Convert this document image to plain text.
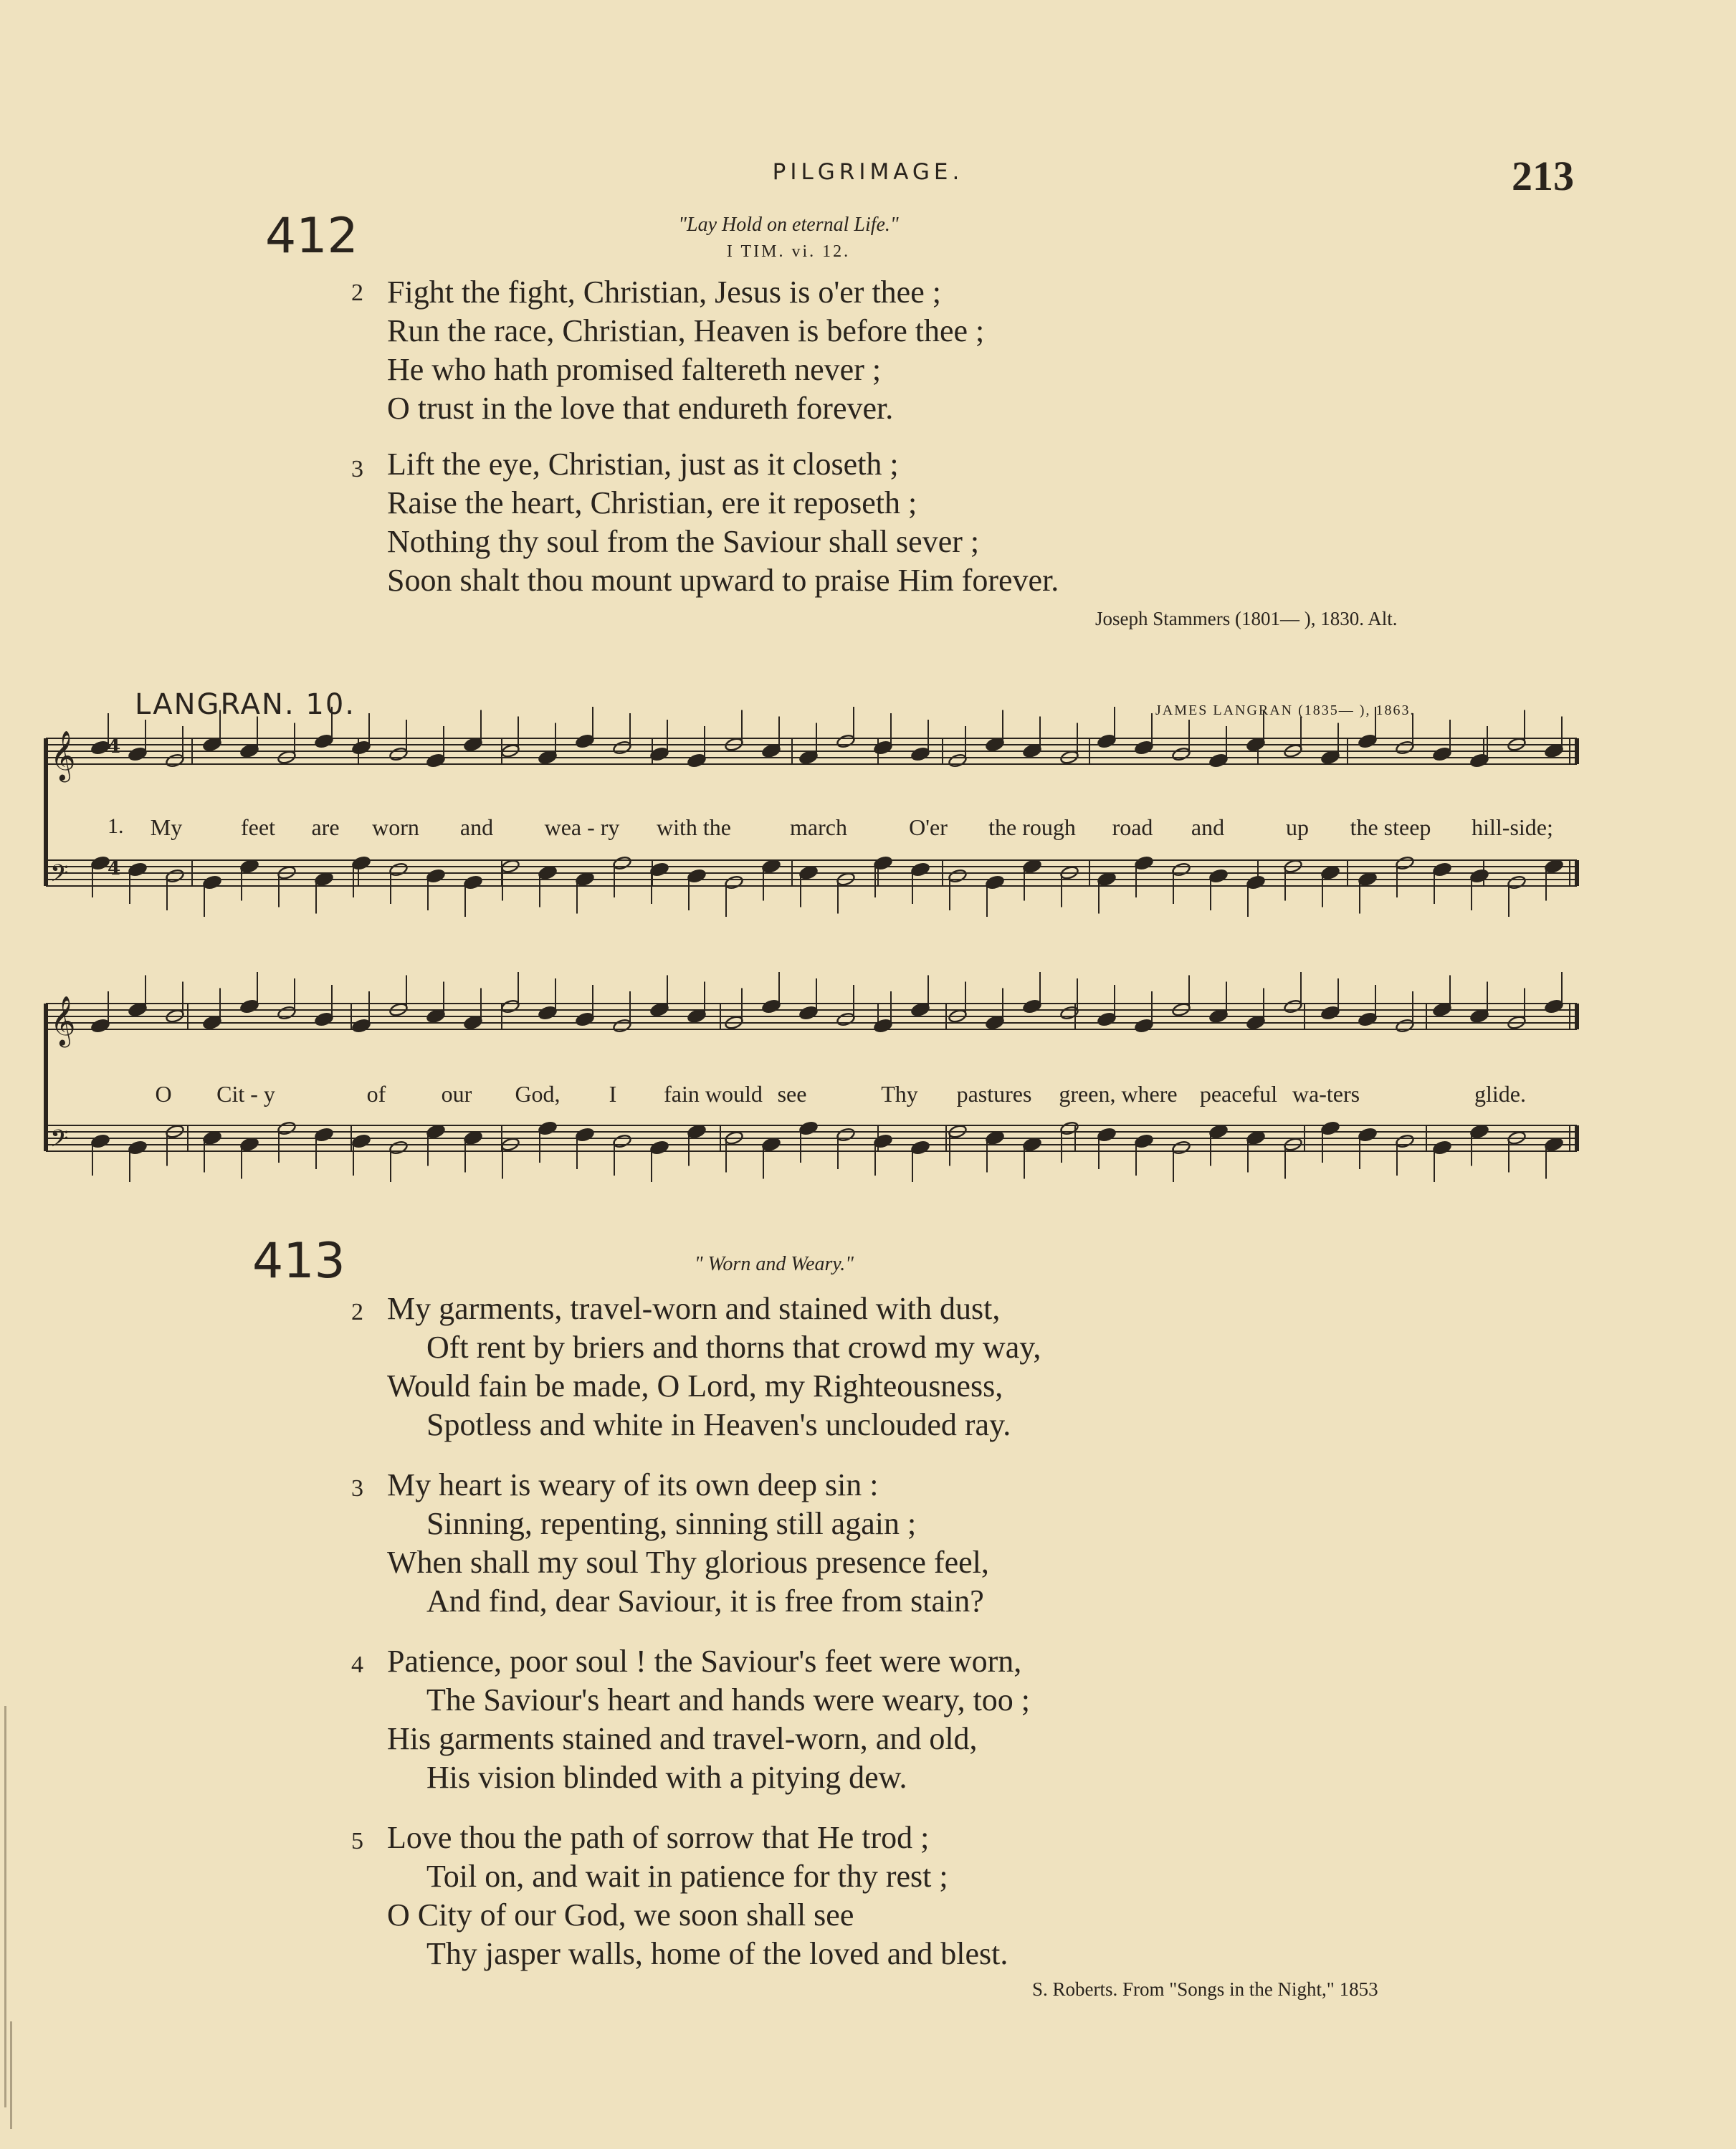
PILGRIMAGE.	213
412	"Lay Hold on eternal Life."
I TIM. vi. 12.
2 Fight the fight, Christian, Jesus is o'er thee ;
Run the race, Christian, Heaven is before thee ;
He who hath promised faltereth never ;
O trust in the love that endureth forever.
3 Lift the eye, Christian, just as it closeth ;
Raise the heart, Christian, ere it reposeth ;
Nothing thy soul from the Saviour shall sever ;
Soon shalt thou mount upward to praise Him forever.
Joseph Stammers (1801— ), 1830. Alt.
LANGRAN. 10.	JAMES LANGRAN (1835— ), 1863.
𝄞
𝄢
𝄞
𝄢
4
4
1. My	feet are worn and wea - ry with the	march	O'er the rough road and	up the steep hill-side;
O Cit - y	of our God, I fain would see	Thy pastures green, where peaceful wa-ters	glide.
413	" Worn and Weary."
2 My garments, travel-worn and stained with dust,
Oft rent by briers and thorns that crowd my way,
Would fain be made, O Lord, my Righteousness,
Spotless and white in Heaven's unclouded ray.
3 My heart is weary of its own deep sin :
Sinning, repenting, sinning still again ;
When shall my soul Thy glorious presence feel,
And find, dear Saviour, it is free from stain?
4 Patience, poor soul ! the Saviour's feet were worn,
The Saviour's heart and hands were weary, too ;
His garments stained and travel-worn, and old,
His vision blinded with a pitying dew.
5 Love thou the path of sorrow that He trod ;
Toil on, and wait in patience for thy rest ;
O City of our God, we soon shall see
Thy jasper walls, home of the loved and blest.
S. Roberts. From "Songs in the Night," 1853
